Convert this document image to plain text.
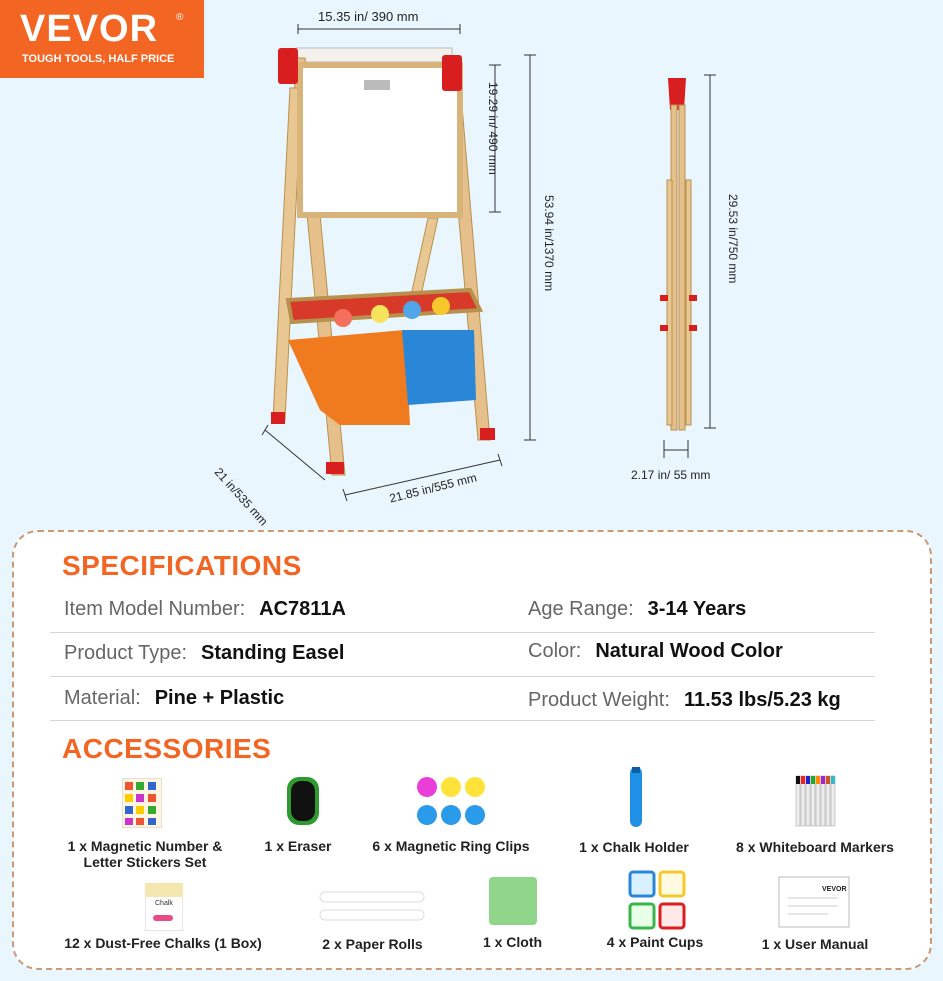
VEVOR ®
TOUGH TOOLS, HALF PRICE
15.35 in/ 390 mm
19.29 in/ 490 mm
53.94 in/1370 mm
21 in/535 mm	21.85 in/555 mm
29.53 in/750 mm
2.17 in/ 55 mm
SPECIFICATIONS
Item Model Number: AC7811A	Age Range: 3-14 Years
Product Type: Standing Easel	Color: Natural Wood Color
Material: Pine + Plastic	Product Weight: 11.53 lbs/5.23 kg
ACCESSORIES
1 x Magnetic Number & Letter Stickers Set
1 x Eraser	6 x Magnetic Ring Clips	1 x Chalk Holder	8 x Whiteboard Markers
Chalk
VEVOR
12 x Dust-Free Chalks (1 Box)	2 x Paper Rolls	1 x Cloth	4 x Paint Cups	1 x User Manual
